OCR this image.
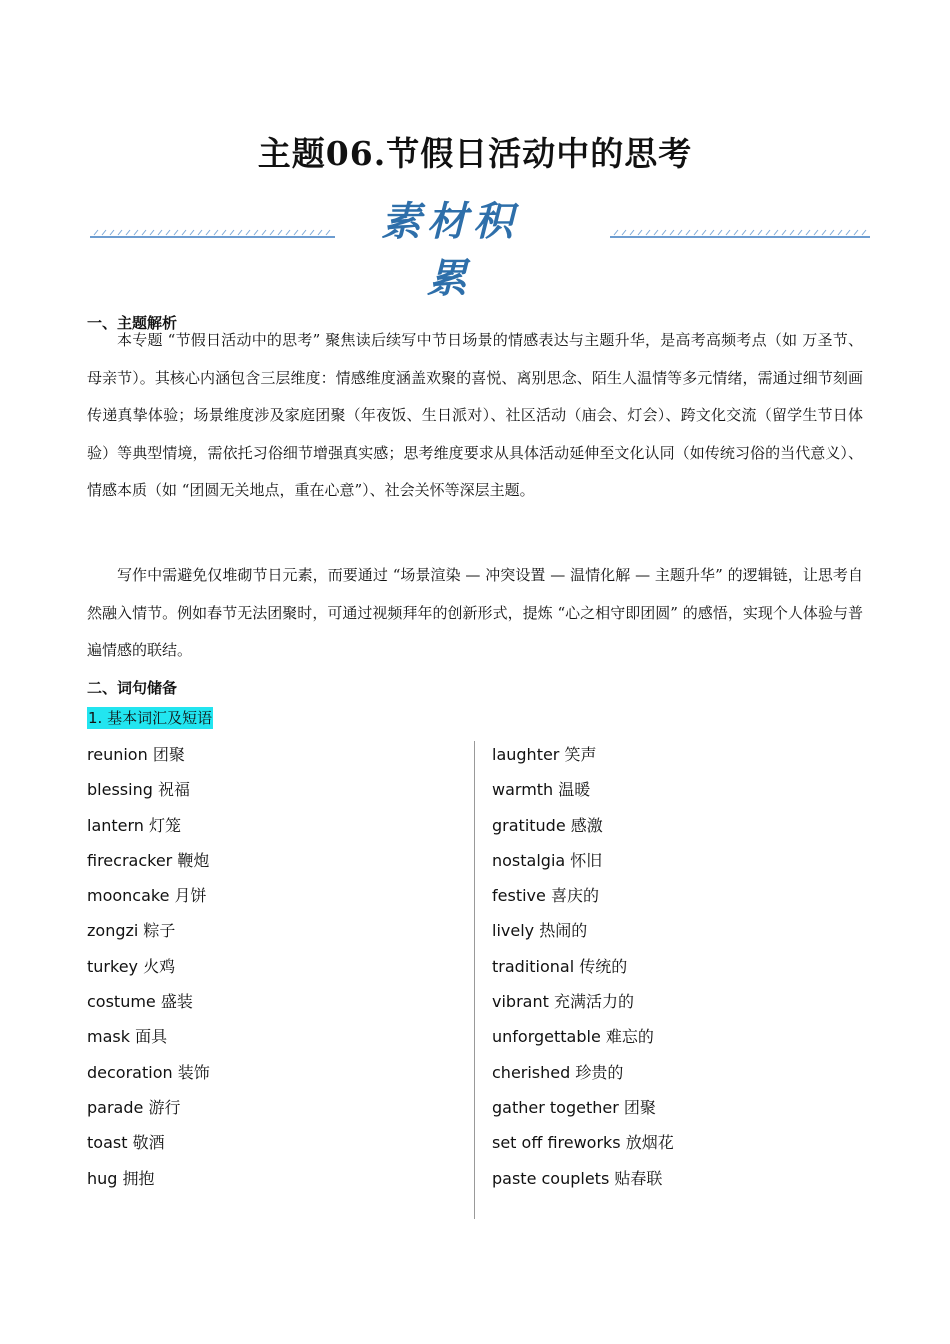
主题06.节假日活动中的思考
素材积累
一、主题解析

本专题 “节假日活动中的思考” 聚焦读后续写中节日场景的情感表达与主题升华，是高考高频考点（如 万圣节、母亲节）。其核心内涵包含三层维度：情感维度涵盖欢聚的喜悦、离别思念、陌生人温情等多元情绪，需通过细节刻画传递真挚体验；场景维度涉及家庭团聚（年夜饭、生日派对）、社区活动（庙会、灯会）、跨文化交流（留学生节日体验）等典型情境，需依托习俗细节增强真实感；思考维度要求从具体活动延伸至文化认同（如传统习俗的当代意义）、情感本质（如 “团圆无关地点，重在心意”）、社会关怀等深层主题。

写作中需避免仅堆砌节日元素，而要通过 “场景渲染 — 冲突设置 — 温情化解 — 主题升华” 的逻辑链，让思考自然融入情节。例如春节无法团聚时，可通过视频拜年的创新形式，提炼 “心之相守即团圆” 的感悟，实现个人体验与普遍情感的联结。

二、词句储备
1. 基本词汇及短语
reunion 团聚
blessing 祝福
lantern 灯笼
firecracker 鞭炮
mooncake 月饼
zongzi 粽子
turkey 火鸡
costume 盛装
mask 面具
decoration 装饰
parade 游行
toast 敬酒
hug 拥抱
laughter 笑声
warmth 温暖
gratitude 感激
nostalgia 怀旧
festive 喜庆的
lively 热闹的
traditional 传统的
vibrant 充满活力的
unforgettable 难忘的
cherished 珍贵的
gather together 团聚
set off fireworks 放烟花
paste couplets 贴春联
